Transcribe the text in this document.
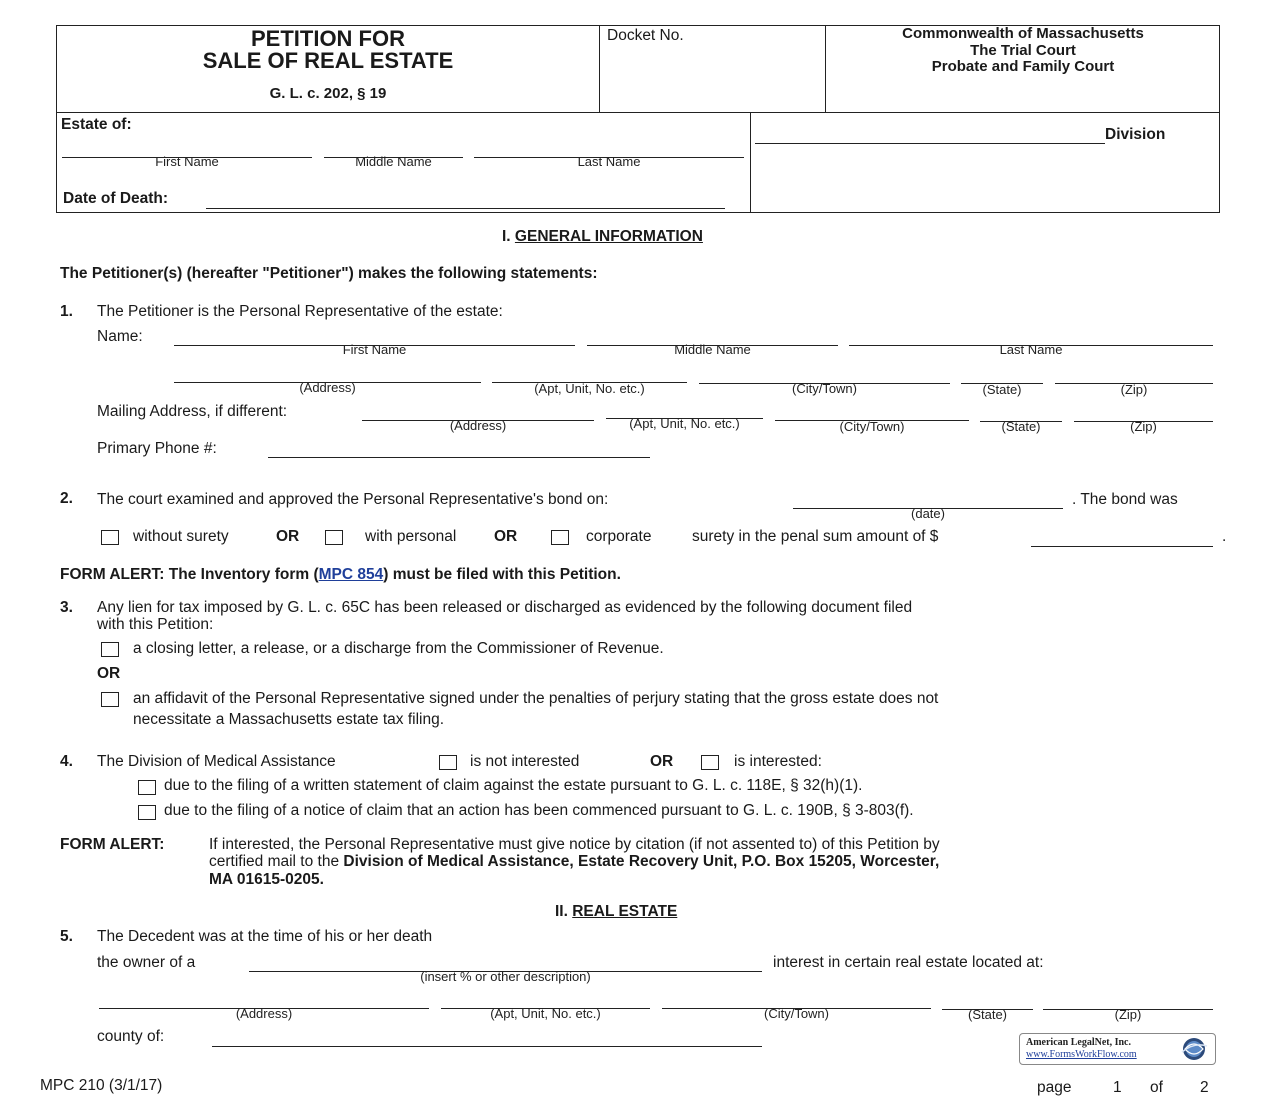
PETITION FOR
SALE OF REAL ESTATE
G. L. c. 202, § 19
Docket No.	Commonwealth of Massachusetts
The Trial Court
Probate and Family Court
Estate of:
First Name	Middle Name	Last Name
Date of Death:
Division
I. GENERAL INFORMATION
The Petitioner(s) (hereafter "Petitioner") makes the following statements:
1. The Petitioner is the Personal Representative of the estate:
Name:
First Name	Middle Name	Last Name
(Address)	(Apt, Unit, No. etc.)	(City/Town)	(State)	(Zip)
Mailing Address, if different:
(Address)	(Apt, Unit, No. etc.)	(City/Town)	(State)	(Zip)
Primary Phone #:
2. The court examined and approved the Personal Representative's bond on:
(date)
. The bond was
without surety	OR	with personal OR	corporate	surety in the penal sum amount of $	.
FORM ALERT: The Inventory form (MPC 854) must be filed with this Petition.
3. Any lien for tax imposed by G. L. c. 65C has been released or discharged as evidenced by the following document filed
with this Petition:
a closing letter, a release, or a discharge from the Commissioner of Revenue.
OR
an affidavit of the Personal Representative signed under the penalties of perjury stating that the gross estate does not
necessitate a Massachusetts estate tax filing.
4. The Division of Medical Assistance	is not interested	OR	is interested:
due to the filing of a written statement of claim against the estate pursuant to G. L. c. 118E, § 32(h)(1).
due to the filing of a notice of claim that an action has been commenced pursuant to G. L. c. 190B, § 3-803(f).
FORM ALERT:	If interested, the Personal Representative must give notice by citation (if not assented to) of this Petition by
certified mail to the Division of Medical Assistance, Estate Recovery Unit, P.O. Box 15205, Worcester,
MA 01615-0205.
II. REAL ESTATE
5. The Decedent was at the time of his or her death
the owner of a
(insert % or other description)
interest in certain real estate located at:
(Address)	(Apt, Unit, No. etc.)	(City/Town)	(State)	(Zip)
county of:	American LegalNet, Inc.
www.FormsWorkFlow.com
MPC 210 (3/1/17)	page	1 of 2
